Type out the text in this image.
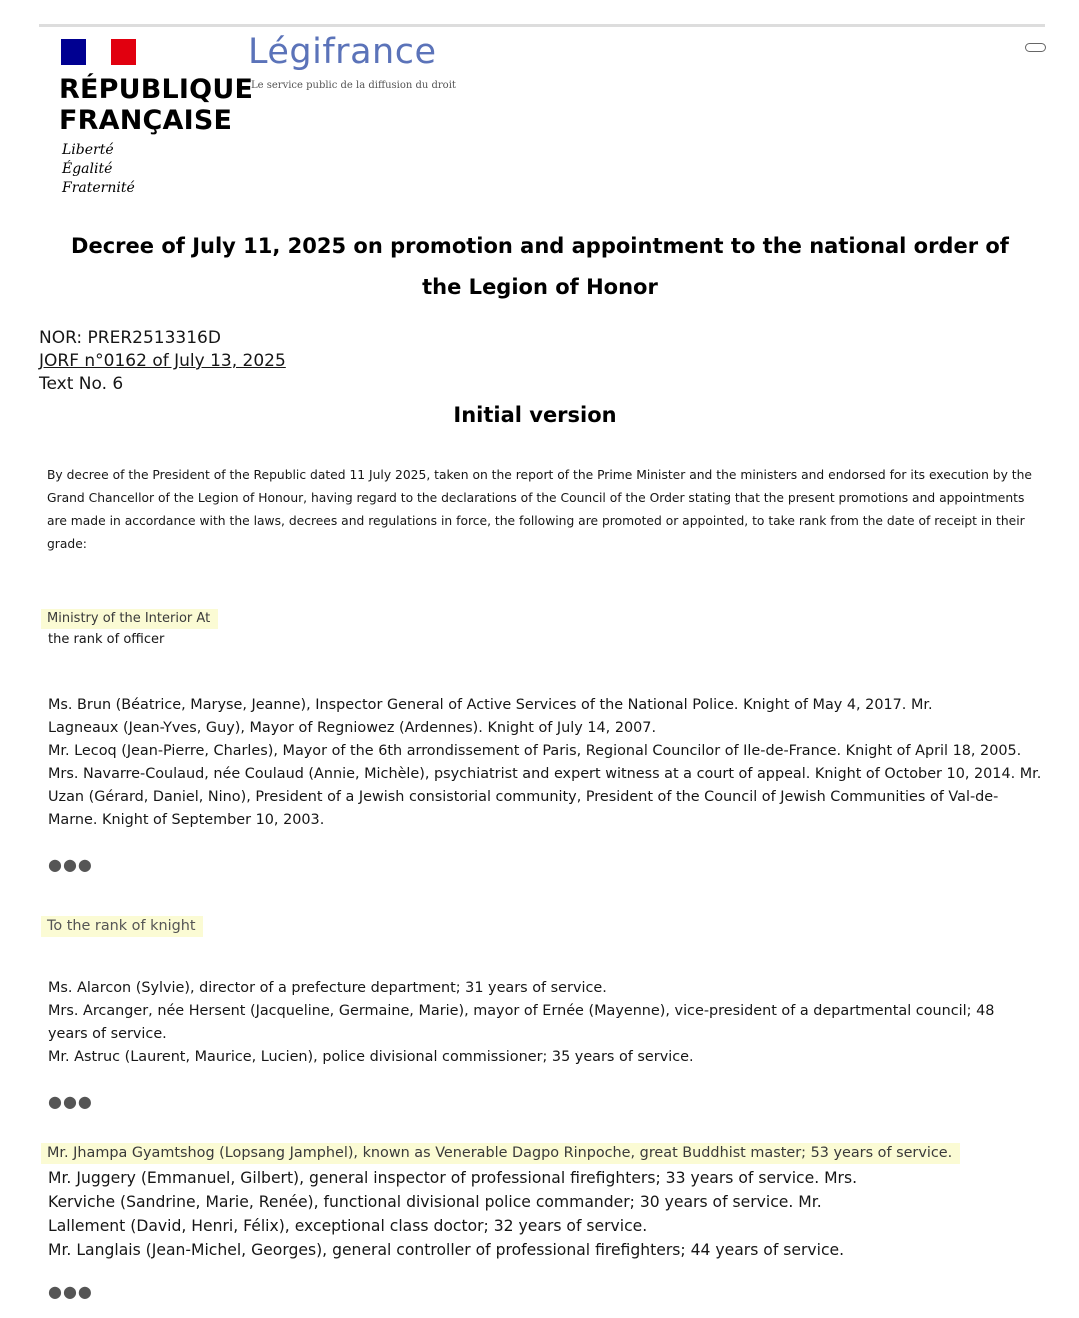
RÉPUBLIQUE
FRANÇAISE
Liberté
Égalité
Fraternité
Légifrance
Le service public de la diffusion du droit
Decree of July 11, 2025 on promotion and appointment to the national order of
the Legion of Honor
NOR: PRER2513316D
JORF n°0162 of July 13, 2025
Text No. 6
Initial version
By decree of the President of the Republic dated 11 July 2025, taken on the report of the Prime Minister and the ministers and endorsed for its execution by the Grand Chancellor of the Legion of Honour, having regard to the declarations of the Council of the Order stating that the present promotions and appointments are made in accordance with the laws, decrees and regulations in force, the following are promoted or appointed, to take rank from the date of receipt in their grade:
Ministry of the Interior At
the rank of officer
Ms. Brun (Béatrice, Maryse, Jeanne), Inspector General of Active Services of the National Police. Knight of May 4, 2017. Mr.
Lagneaux (Jean-Yves, Guy), Mayor of Regniowez (Ardennes). Knight of July 14, 2007.
Mr. Lecoq (Jean-Pierre, Charles), Mayor of the 6th arrondissement of Paris, Regional Councilor of Ile-de-France. Knight of April 18, 2005.
Mrs. Navarre-Coulaud, née Coulaud (Annie, Michèle), psychiatrist and expert witness at a court of appeal. Knight of October 10, 2014. Mr.
Uzan (Gérard, Daniel, Nino), President of a Jewish consistorial community, President of the Council of Jewish Communities of Val-de-
Marne. Knight of September 10, 2003.
●●●
To the rank of knight
Ms. Alarcon (Sylvie), director of a prefecture department; 31 years of service.
Mrs. Arcanger, née Hersent (Jacqueline, Germaine, Marie), mayor of Ernée (Mayenne), vice-president of a departmental council; 48
years of service.
Mr. Astruc (Laurent, Maurice, Lucien), police divisional commissioner; 35 years of service.
●●●
Mr. Jhampa Gyamtshog (Lopsang Jamphel), known as Venerable Dagpo Rinpoche, great Buddhist master; 53 years of service.
Mr. Juggery (Emmanuel, Gilbert), general inspector of professional firefighters; 33 years of service. Mrs.
Kerviche (Sandrine, Marie, Renée), functional divisional police commander; 30 years of service. Mr.
Lallement (David, Henri, Félix), exceptional class doctor; 32 years of service.
Mr. Langlais (Jean-Michel, Georges), general controller of professional firefighters; 44 years of service.
●●●
